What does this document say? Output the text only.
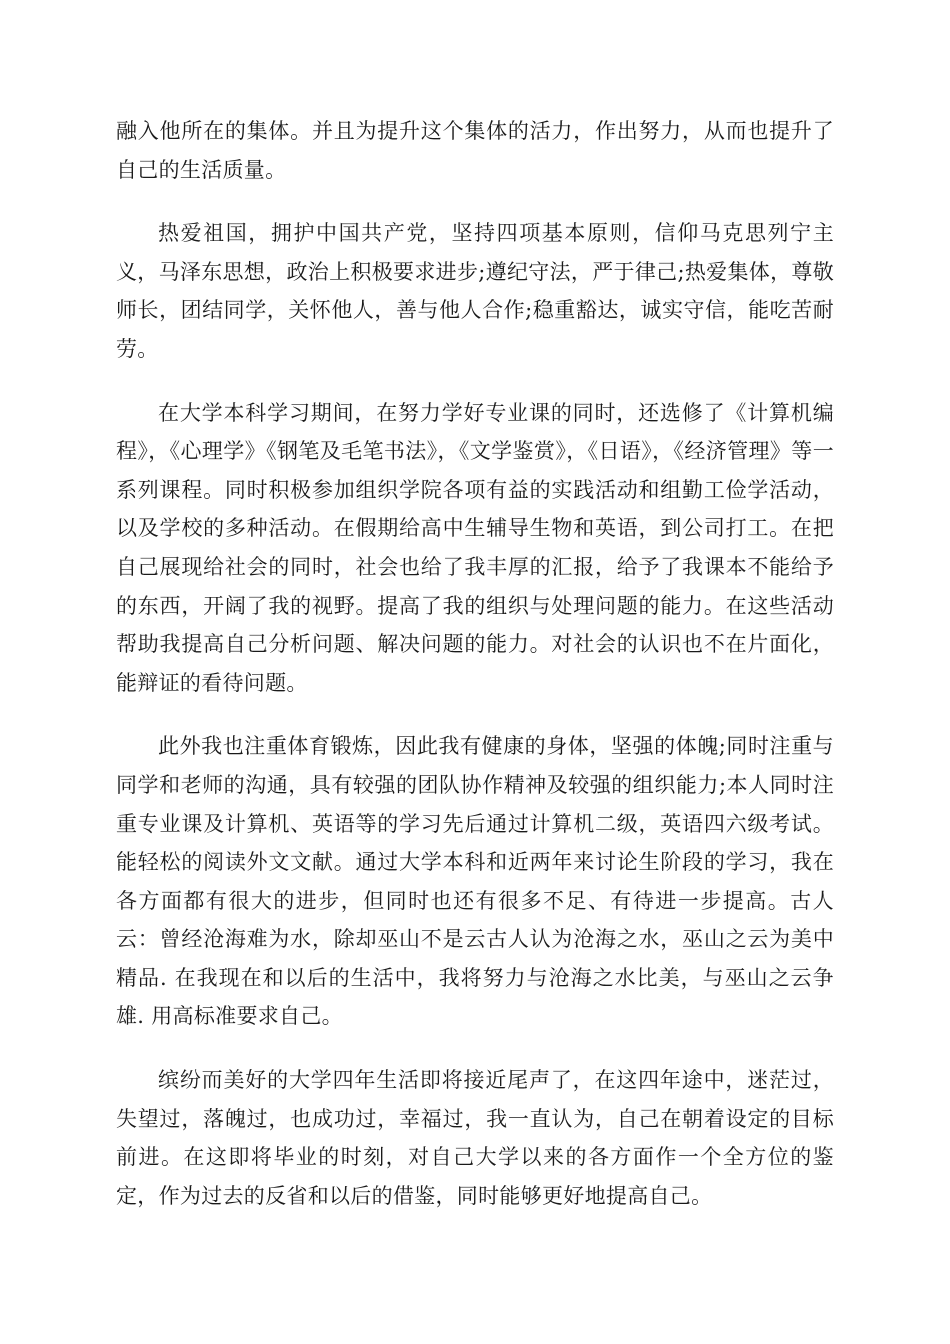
融入他所在的集体。并且为提升这个集体的活力，作出努力，从而也提升了自己的生活质量。

热爱祖国，拥护中国共产党，坚持四项基本原则，信仰马克思列宁主义，马泽东思想，政治上积极要求进步;遵纪守法，严于律己;热爱集体，尊敬师长，团结同学，关怀他人，善与他人合作;稳重豁达，诚实守信，能吃苦耐劳。

在大学本科学习期间，在努力学好专业课的同时，还选修了《计算机编程》，《心理学》《钢笔及毛笔书法》，《文学鉴赏》，《日语》，《经济管理》等一系列课程。同时积极参加组织学院各项有益的实践活动和组勤工俭学活动，以及学校的多种活动。在假期给高中生辅导生物和英语，到公司打工。在把自己展现给社会的同时，社会也给了我丰厚的汇报，给予了我课本不能给予的东西，开阔了我的视野。提高了我的组织与处理问题的能力。在这些活动帮助我提高自己分析问题、解决问题的能力。对社会的认识也不在片面化，能辩证的看待问题。

此外我也注重体育锻炼，因此我有健康的身体，坚强的体魄;同时注重与同学和老师的沟通，具有较强的团队协作精神及较强的组织能力;本人同时注重专业课及计算机、英语等的学习先后通过计算机二级，英语四六级考试。能轻松的阅读外文文献。通过大学本科和近两年来讨论生阶段的学习，我在各方面都有很大的进步，但同时也还有很多不足、有待进一步提高。古人云：曾经沧海难为水，除却巫山不是云古人认为沧海之水，巫山之云为美中精品. 在我现在和以后的生活中，我将努力与沧海之水比美，与巫山之云争雄. 用高标准要求自己。

缤纷而美好的大学四年生活即将接近尾声了，在这四年途中，迷茫过，失望过，落魄过，也成功过，幸福过，我一直认为，自己在朝着设定的目标前进。在这即将毕业的时刻，对自己大学以来的各方面作一个全方位的鉴定，作为过去的反省和以后的借鉴，同时能够更好地提高自己。
